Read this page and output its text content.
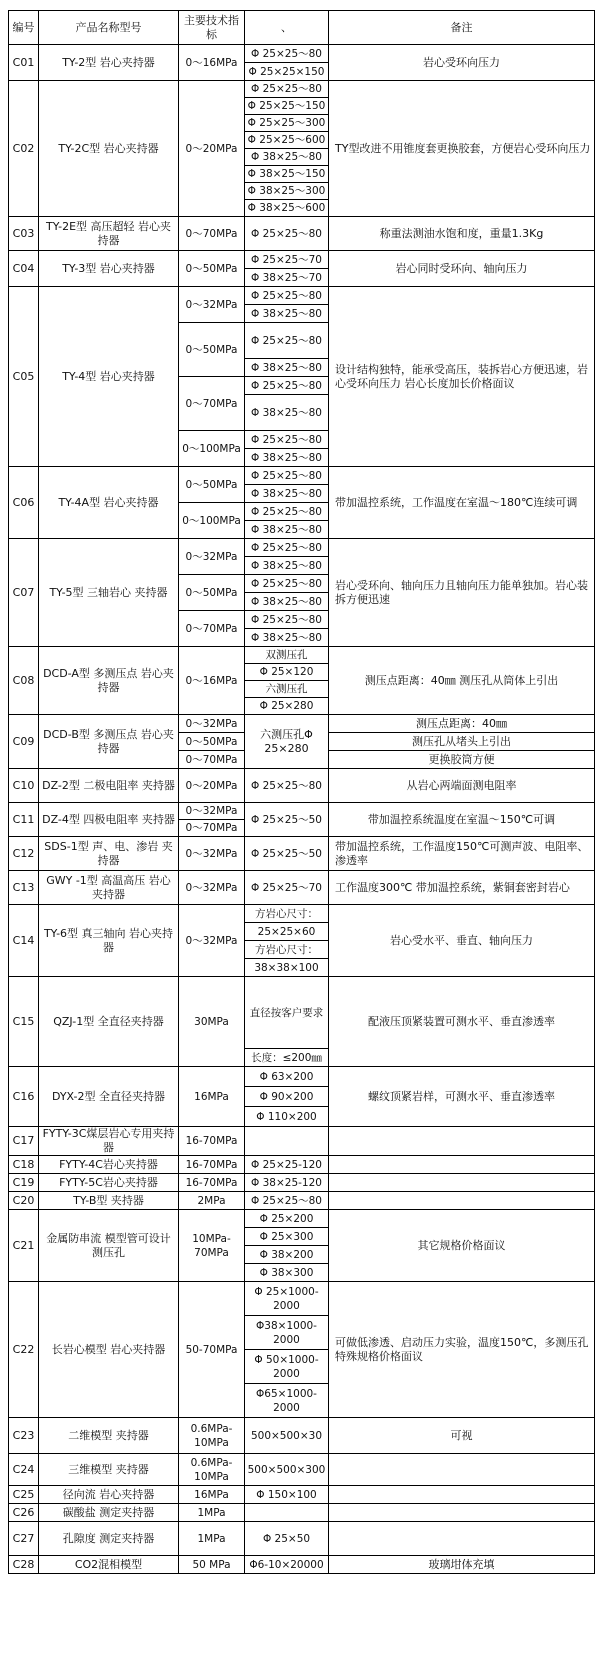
编号	产品名称型号	主要技术指标	、	备注
C01	TY-2型 岩心夹持器	0～16MPa	Φ 25×25～80	岩心受环向压力
			Φ 25×25×150	
C02	TY-2C型 岩心夹持器	0～20MPa	Φ 25×25～80	TY型改进不用锥度套更换胶套，方便岩心受环向压力
			Φ 25×25～150	
			Φ 25×25～300	
			Φ 25×25～600	
			Φ 38×25～80	
			Φ 38×25～150	
			Φ 38×25～300	
			Φ 38×25～600	
C03	TY-2E型 高压超轻 岩心夹持器	0～70MPa	Φ 25×25～80	称重法测油水饱和度，重量1.3Kg
C04	TY-3型 岩心夹持器	0～50MPa	Φ 25×25～70	岩心同时受环向、轴向压力
			Φ 38×25～70	
C05	TY-4型 岩心夹持器	0～32MPa	Φ 25×25～80	设计结构独特，能承受高压，装拆岩心方便迅速，岩心受环向压力 岩心长度加长价格面议
			Φ 38×25～80	
		0～50MPa	Φ 25×25～80	
			Φ 38×25～80	
		0～70MPa	Φ 25×25～80	
			Φ 38×25～80	
		0～100MPa	Φ 25×25～80	
			Φ 38×25～80	
C06	TY-4A型 岩心夹持器	0～50MPa	Φ 25×25～80	带加温控系统，工作温度在室温～180℃连续可调
			Φ 38×25～80	
		0～100MPa	Φ 25×25～80	
			Φ 38×25～80	
C07	TY-5型 三轴岩心 夹持器	0～32MPa	Φ 25×25～80	岩心受环向、轴向压力且轴向压力能单独加。岩心装拆方便迅速
			Φ 38×25～80	
		0～50MPa	Φ 25×25～80	
			Φ 38×25～80	
		0～70MPa	Φ 25×25～80	
			Φ 38×25～80	
C08	DCD-A型 多测压点 岩心夹持器	0～16MPa	双测压孔	测压点距离：40㎜ 测压孔从筒体上引出
			Φ 25×120	
			六测压孔	
			Φ 25×280	
C09	DCD-B型 多测压点 岩心夹持器	0～32MPa	六测压孔Φ 25×280	测压点距离：40㎜
		0～50MPa		测压孔从堵头上引出
		0～70MPa		更换胶筒方便
C10	DZ-2型 二极电阻率 夹持器	0～20MPa	Φ 25×25～80	从岩心两端面测电阻率
C11	DZ-4型 四极电阻率 夹持器	0～32MPa	Φ 25×25～50	带加温控系统温度在室温～150℃可调
		0～70MPa		
C12	SDS-1型 声、电、渗岩 夹持器	0～32MPa	Φ 25×25～50	带加温控系统，工作温度150℃可测声波、电阻率、渗透率
C13	GWY -1型 高温高压 岩心夹持器	0～32MPa	Φ 25×25～70	工作温度300℃ 带加温控系统，紫铜套密封岩心
C14	TY-6型 真三轴向 岩心夹持器	0～32MPa	方岩心尺寸：	岩心受水平、垂直、轴向压力
			25×25×60	
			方岩心尺寸：	
			38×38×100	
C15	QZJ-1型 全直径夹持器	30MPa	直径按客户要求	配液压顶紧装置可测水平、垂直渗透率
			长度：≤200㎜	
C16	DYX-2型 全直径夹持器	16MPa	Φ 63×200	螺纹顶紧岩样，可测水平、垂直渗透率
			Φ 90×200	
			Φ 110×200	
C17	FYTY-3C煤层岩心专用夹持器	16-70MPa		
C18	FYTY-4C岩心夹持器	16-70MPa	Φ 25×25-120	
C19	FYTY-5C岩心夹持器	16-70MPa	Φ 38×25-120	
C20	TY-B型 夹持器	2MPa	Φ 25×25～80	
C21	金属防串流 模型管可设计测压孔	10MPa-70MPa	Φ 25×200	其它规格价格面议
			Φ 25×300	
			Φ 38×200	
			Φ 38×300	
C22	长岩心模型 岩心夹持器	50-70MPa	Φ 25×1000-2000	可做低渗透、启动压力实验，温度150℃，多测压孔特殊规格价格面议
			Φ38×1000-2000	
			Φ 50×1000-2000	
			Φ65×1000-2000	
C23	二维模型 夹持器	0.6MPa-10MPa	500×500×30	可视
C24	三维模型 夹持器	0.6MPa-10MPa	500×500×300	
C25	径向流 岩心夹持器	16MPa	Φ 150×100	
C26	碳酸盐 测定夹持器	1MPa		
C27	孔隙度 测定夹持器	1MPa	Φ 25×50	
C28	CO2混相模型	50 MPa	Φ6-10×20000	玻璃坩体充填
